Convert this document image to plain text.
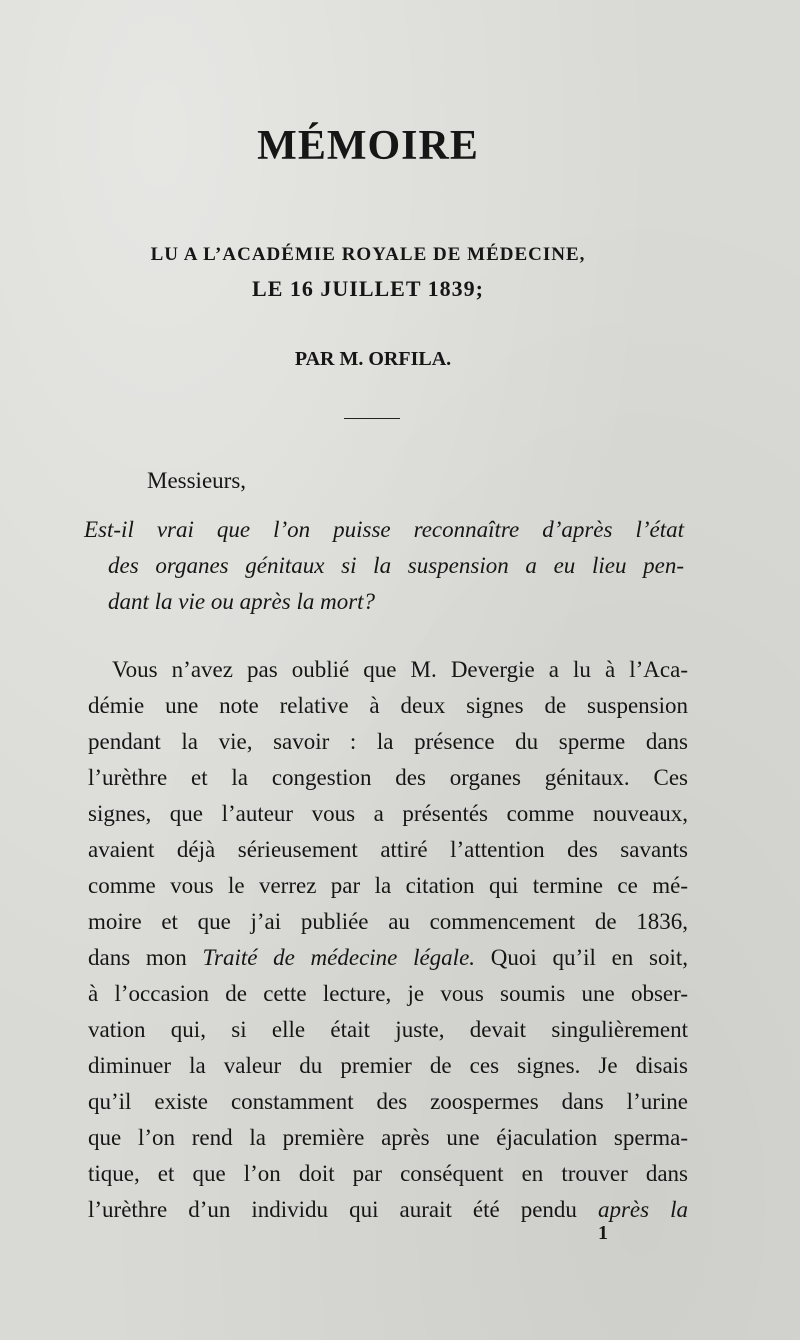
MÉMOIRE
LU A L’ACADÉMIE ROYALE DE MÉDECINE,
LE 16 JUILLET 1839;
PAR M. ORFILA.
Messieurs,
Est-il vrai que l’on puisse reconnaître d’après l’état
des organes génitaux si la suspension a eu lieu pen-
dant la vie ou après la mort?
Vous n’avez pas oublié que M. Devergie a lu à l’Aca-
démie une note relative à deux signes de suspension
pendant la vie, savoir : la présence du sperme dans
l’urèthre et la congestion des organes génitaux. Ces
signes, que l’auteur vous a présentés comme nouveaux,
avaient déjà sérieusement attiré l’attention des savants
comme vous le verrez par la citation qui termine ce mé-
moire et que j’ai publiée au commencement de 1836,
dans mon Traité de médecine légale. Quoi qu’il en soit,
à l’occasion de cette lecture, je vous soumis une obser-
vation qui, si elle était juste, devait singulièrement
diminuer la valeur du premier de ces signes. Je disais
qu’il existe constamment des zoospermes dans l’urine
que l’on rend la première après une éjaculation sperma-
tique, et que l’on doit par conséquent en trouver dans
l’urèthre d’un individu qui aurait été pendu après la
1
